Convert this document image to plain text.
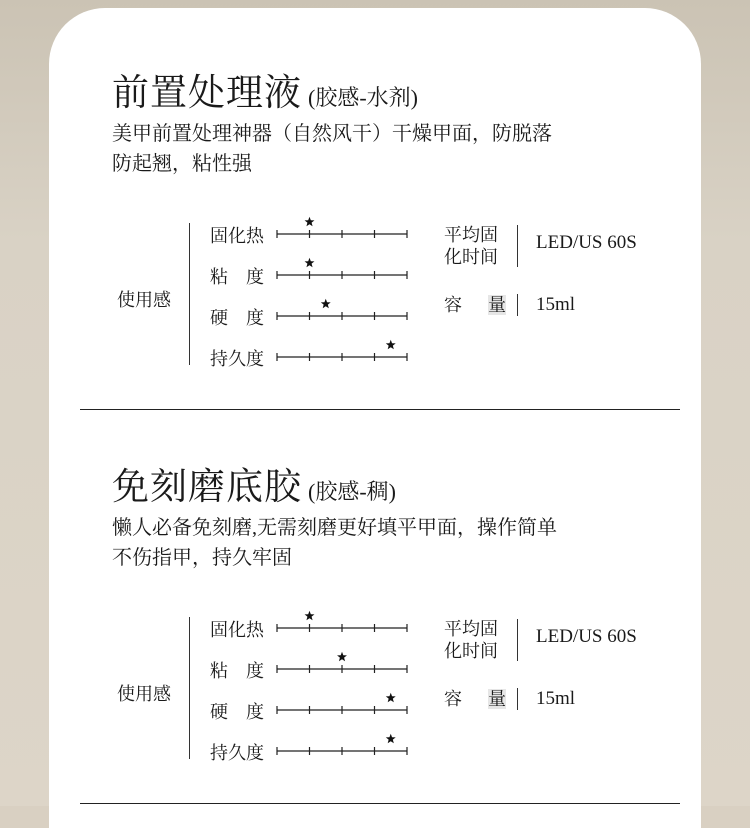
前置处理液 (胶感-水剂)
美甲前置处理神器（自然风干）干燥甲面，防脱落
防起翘，粘性强
使用感
固化热
粘　度
硬　度
持久度
平均固
化时间
LED/US 60S
容 量 15ml
免刻磨底胶 (胶感-稠)
懒人必备免刻磨,无需刻磨更好填平甲面，操作简单
不伤指甲，持久牢固
使用感
固化热
粘　度
硬　度
持久度
平均固
化时间
LED/US 60S
容 量 15ml
